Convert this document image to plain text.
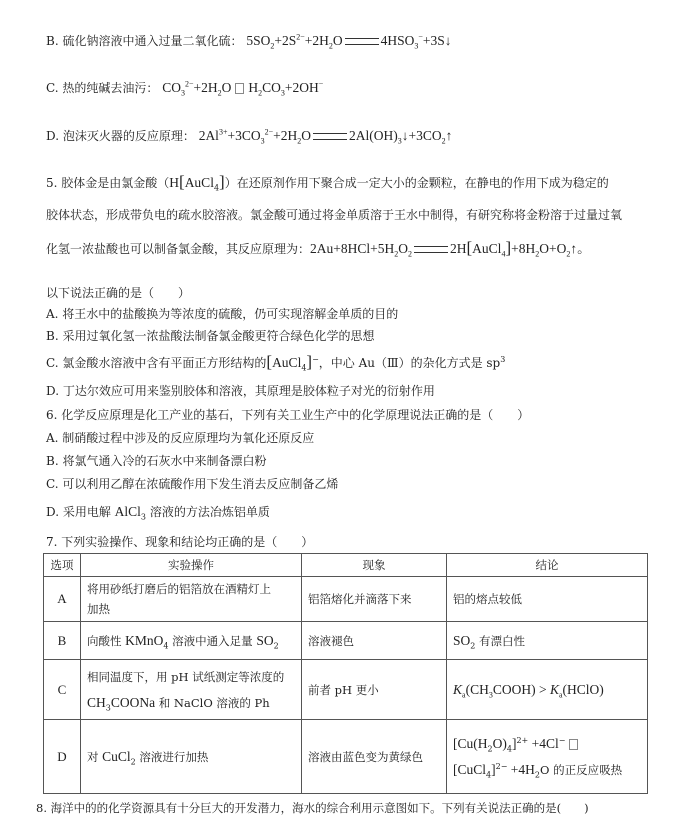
B. 硫化钠溶液中通入过量二氧化硫： $5SO_2+2S^{2-}+2H_2O$	$4HSO_3^-+3S↓$
C. 热的纯碱去油污： $CO_3^{2-}+2H_2O$ $H_2CO_3+2OH^-$
D. 泡沫灭火器的反应原理： $2Al^{3+}+3CO_3^{2-}+2H_2O$	$2Al(OH)_3↓+3CO_2↑$
5. 胶体金是由氯金酸（H[AuCl$_4$]）在还原剂作用下聚合成一定大小的金颗粒，在静电的作用下成为稳定的
胶体状态，形成带负电的疏水胶溶液。氯金酸可通过将金单质溶于王水中制得，有研究称将金粉溶于过量过氧
化氢一浓盐酸也可以制备氯金酸，其反应原理为：$2Au+8HCl+5H_2O_2$	$2H[AuCl_4]+8H_2O+O_2↑$。
以下说法正确的是（　　）
A. 将王水中的盐酸换为等浓度的硫酸，仍可实现溶解金单质的目的
B. 采用过氧化氢一浓盐酸法制备氯金酸更符合绿色化学的思想
C. 氯金酸水溶液中含有平面正方形结构的[AuCl$_4$]−，中心 Au（Ⅲ）的杂化方式是 $sp^3$
D. 丁达尔效应可用来鉴别胶体和溶液，其原理是胶体粒子对光的衍射作用
6. 化学反应原理是化工产业的基石，下列有关工业生产中的化学原理说法正确的是（　　）
A. 制硝酸过程中涉及的反应原理均为氧化还原反应
B. 将氯气通入冷的石灰水中来制备漂白粉
C. 可以利用乙醇在浓硫酸作用下发生消去反应制备乙烯
D. 采用电解 AlCl$_3$ 溶液的方法冶炼铝单质
7. 下列实验操作、现象和结论均正确的是（　　）
选项	实验操作	现象	结论
A	将用砂纸打磨后的铝箔放在酒精灯上
加热	铝箔熔化并滴落下来	铝的熔点较低
B	向酸性 KMnO$_4$ 溶液中通入足量 $SO_2$	溶液褪色	$SO_2$ 有漂白性
C	相同温度下，用 pH 试纸测定等浓度的
$CH_3COONa$ 和 NaClO 溶液的 Ph	前者 pH 更小	$K_a(CH_3COOH)$ > $K_a(HClO)$
D	对 CuCl$_2$ 溶液进行加热	溶液由蓝色变为黄绿色	$[Cu(H_2O)_4]^{2+} +4Cl^-$
[CuCl$_4$]$^{2-}$ $+4H_2O$ 的正反应吸热
8. 海洋中的的化学资源具有十分巨大的开发潜力，海水的综合利用示意图如下。下列有关说法正确的是(　　)
